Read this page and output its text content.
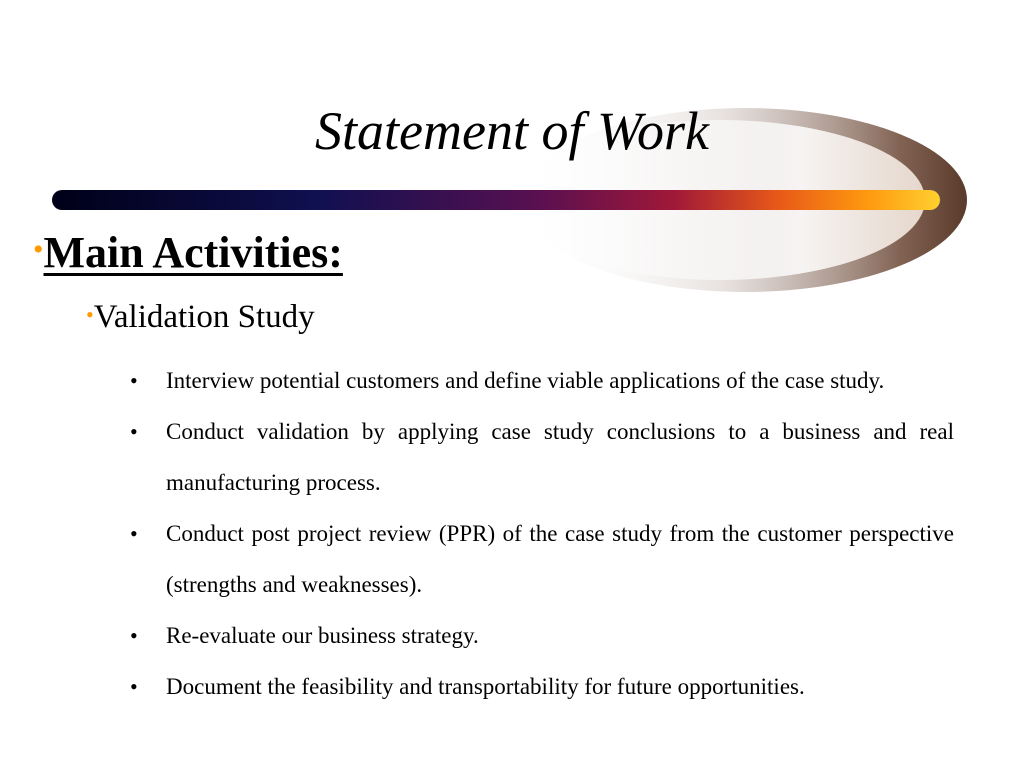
Statement of Work
•Main Activities:
•Validation Study
• Interview potential customers and define viable applications of the case study.
• Conduct validation by applying case study conclusions to a business and real manufacturing process.
• Conduct post project review (PPR) of the case study from the customer perspective (strengths and weaknesses).
• Re-evaluate our business strategy.
• Document the feasibility and transportability for future opportunities.
